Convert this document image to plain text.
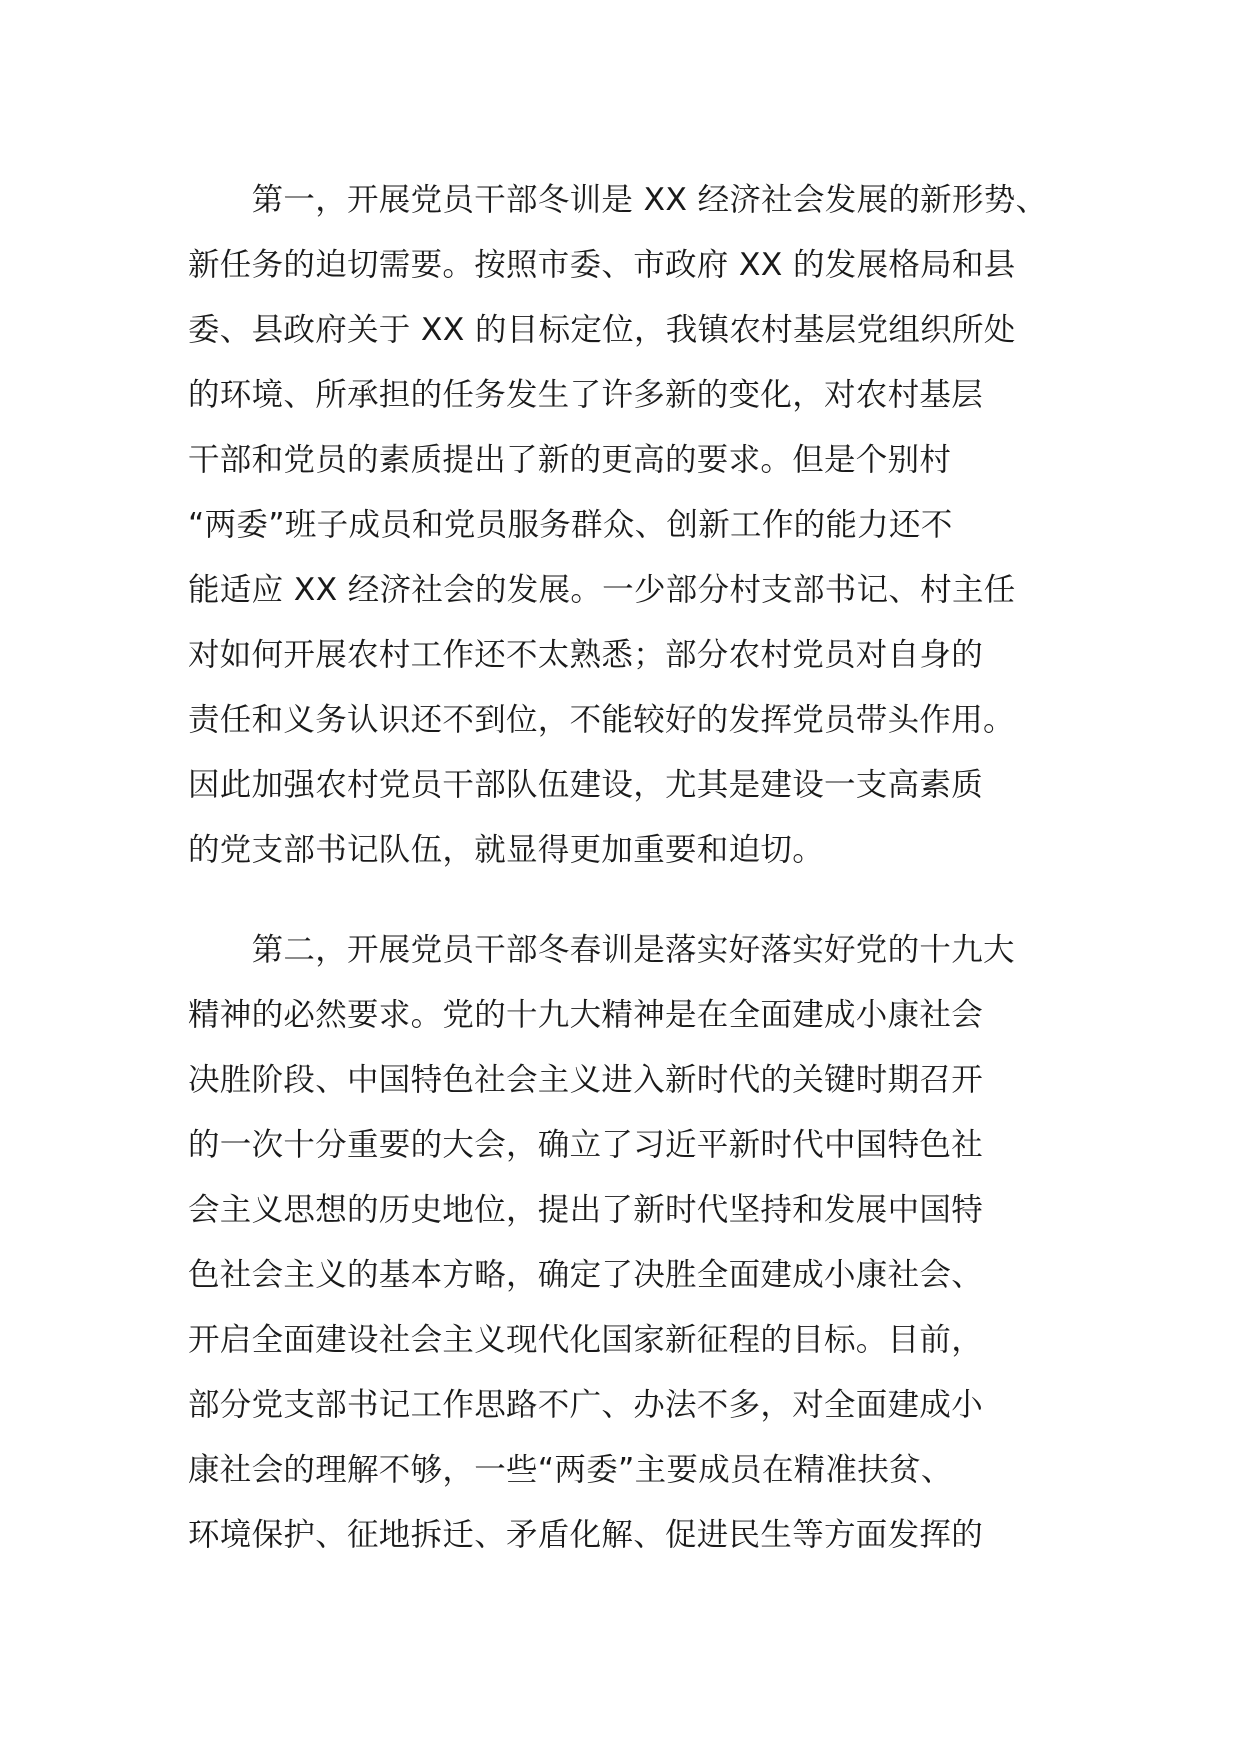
　　第一，开展党员干部冬训是 XX 经济社会发展的新形势、
新任务的迫切需要。按照市委、市政府 XX 的发展格局和县
委、县政府关于 XX 的目标定位，我镇农村基层党组织所处
的环境、所承担的任务发生了许多新的变化，对农村基层
干部和党员的素质提出了新的更高的要求。但是个别村
“两委”班子成员和党员服务群众、创新工作的能力还不
能适应 XX 经济社会的发展。一少部分村支部书记、村主任
对如何开展农村工作还不太熟悉；部分农村党员对自身的
责任和义务认识还不到位，不能较好的发挥党员带头作用。
因此加强农村党员干部队伍建设，尤其是建设一支高素质
的党支部书记队伍，就显得更加重要和迫切。
　　第二，开展党员干部冬春训是落实好落实好党的十九大
精神的必然要求。党的十九大精神是在全面建成小康社会
决胜阶段、中国特色社会主义进入新时代的关键时期召开
的一次十分重要的大会，确立了习近平新时代中国特色社
会主义思想的历史地位，提出了新时代坚持和发展中国特
色社会主义的基本方略，确定了决胜全面建成小康社会、
开启全面建设社会主义现代化国家新征程的目标。目前，
部分党支部书记工作思路不广、办法不多，对全面建成小
康社会的理解不够，一些“两委”主要成员在精准扶贫、
环境保护、征地拆迁、矛盾化解、促进民生等方面发挥的
